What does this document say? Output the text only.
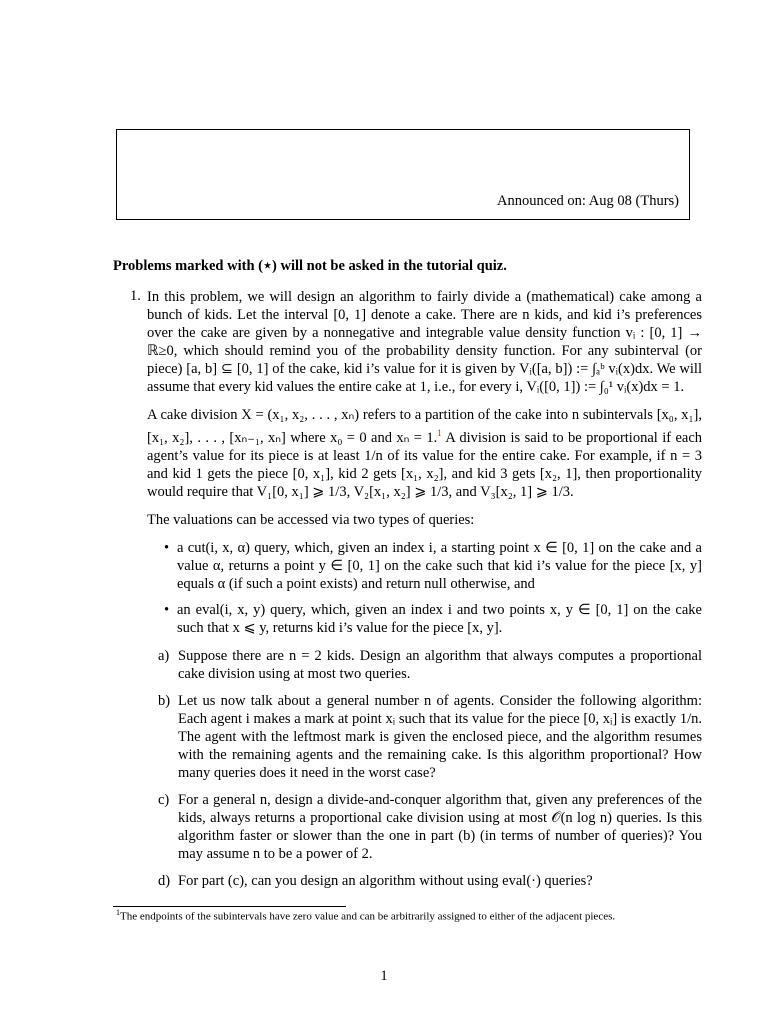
Announced on: Aug 08 (Thurs)
Problems marked with (⋆) will not be asked in the tutorial quiz.
1. In this problem, we will design an algorithm to fairly divide a (mathematical) cake among a bunch of kids. Let the interval [0, 1] denote a cake. There are n kids, and kid i’s preferences over the cake are given by a nonnegative and integrable value density function vᵢ : [0, 1] → ℝ≥0, which should remind you of the probability density function. For any subinterval (or piece) [a, b] ⊆ [0, 1] of the cake, kid i’s value for it is given by Vᵢ([a, b]) := ∫ₐᵇ vᵢ(x)dx. We will assume that every kid values the entire cake at 1, i.e., for every i, Vᵢ([0, 1]) := ∫₀¹ vᵢ(x)dx = 1.

A cake division X = (x₁, x₂, . . . , xₙ) refers to a partition of the cake into n subintervals [x₀, x₁], [x₁, x₂], . . . , [xₙ₋₁, xₙ] where x₀ = 0 and xₙ = 1.$^1$ A division is said to be proportional if each agent’s value for its piece is at least 1/n of its value for the entire cake. For example, if n = 3 and kid 1 gets the piece [0, x₁], kid 2 gets [x₁, x₂], and kid 3 gets [x₂, 1], then proportionality would require that V₁[0, x₁] ⩾ 1/3, V₂[x₁, x₂] ⩾ 1/3, and V₃[x₂, 1] ⩾ 1/3.

The valuations can be accessed via two types of queries:

• a cut(i, x, α) query, which, given an index i, a starting point x ∈ [0, 1] on the cake and a value α, returns a point y ∈ [0, 1] on the cake such that kid i’s value for the piece [x, y] equals α (if such a point exists) and return null otherwise, and
• an eval(i, x, y) query, which, given an index i and two points x, y ∈ [0, 1] on the cake such that x ⩽ y, returns kid i’s value for the piece [x, y].
a) Suppose there are n = 2 kids. Design an algorithm that always computes a proportional cake division using at most two queries.
b) Let us now talk about a general number n of agents. Consider the following algorithm: Each agent i makes a mark at point xᵢ such that its value for the piece [0, xᵢ] is exactly 1/n. The agent with the leftmost mark is given the enclosed piece, and the algorithm resumes with the remaining agents and the remaining cake. Is this algorithm proportional? How many queries does it need in the worst case?
c) For a general n, design a divide-and-conquer algorithm that, given any preferences of the kids, always returns a proportional cake division using at most 𝒪(n log n) queries. Is this algorithm faster or slower than the one in part (b) (in terms of number of queries)? You may assume n to be a power of 2.
d) For part (c), can you design an algorithm without using eval(·) queries?
$^1$The endpoints of the subintervals have zero value and can be arbitrarily assigned to either of the adjacent pieces.
1
